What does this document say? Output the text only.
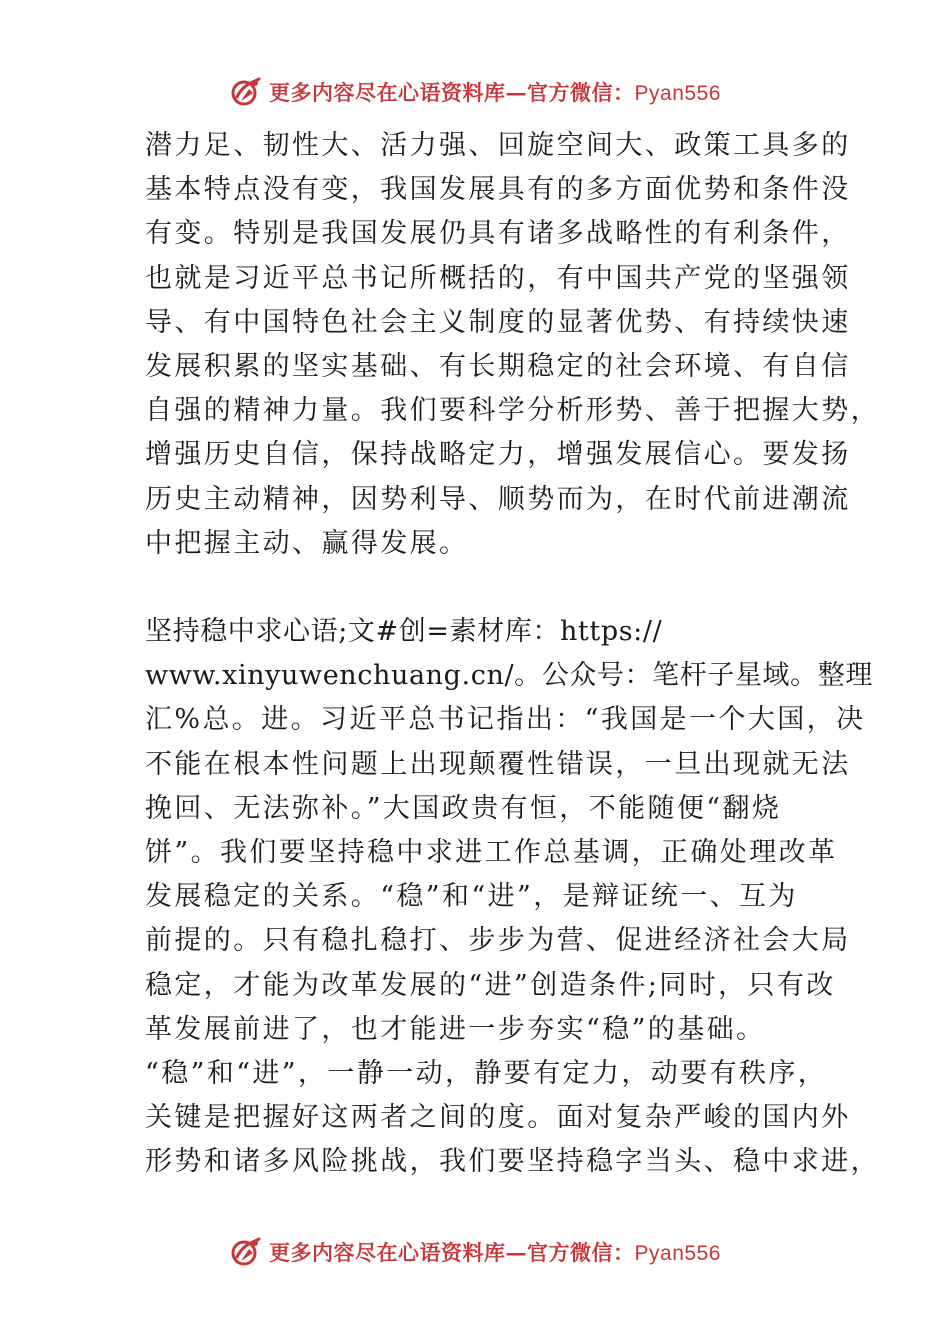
更多内容尽在心语资料库—官方微信：Pyan556
潜力足、韧性大、活力强、回旋空间大、政策工具多的
基本特点没有变，我国发展具有的多方面优势和条件没
有变。特别是我国发展仍具有诸多战略性的有利条件，
也就是习近平总书记所概括的，有中国共产党的坚强领
导、有中国特色社会主义制度的显著优势、有持续快速
发展积累的坚实基础、有长期稳定的社会环境、有自信
自强的精神力量。我们要科学分析形势、善于把握大势，
增强历史自信，保持战略定力，增强发展信心。要发扬
历史主动精神，因势利导、顺势而为，在时代前进潮流
中把握主动、赢得发展。
坚持稳中求心语;文#创=素材库：https://
www.xinyuwenchuang.cn/。公众号：笔杆子星域。整理
汇%总。进。习近平总书记指出：“我国是一个大国，决
不能在根本性问题上出现颠覆性错误，一旦出现就无法
挽回、无法弥补。”大国政贵有恒，不能随便“翻烧
饼”。我们要坚持稳中求进工作总基调，正确处理改革
发展稳定的关系。“稳”和“进”，是辩证统一、互为
前提的。只有稳扎稳打、步步为营、促进经济社会大局
稳定，才能为改革发展的“进”创造条件;同时，只有改
革发展前进了，也才能进一步夯实“稳”的基础。
“稳”和“进”，一静一动，静要有定力，动要有秩序，
关键是把握好这两者之间的度。面对复杂严峻的国内外
形势和诸多风险挑战，我们要坚持稳字当头、稳中求进，
更多内容尽在心语资料库—官方微信：Pyan556
